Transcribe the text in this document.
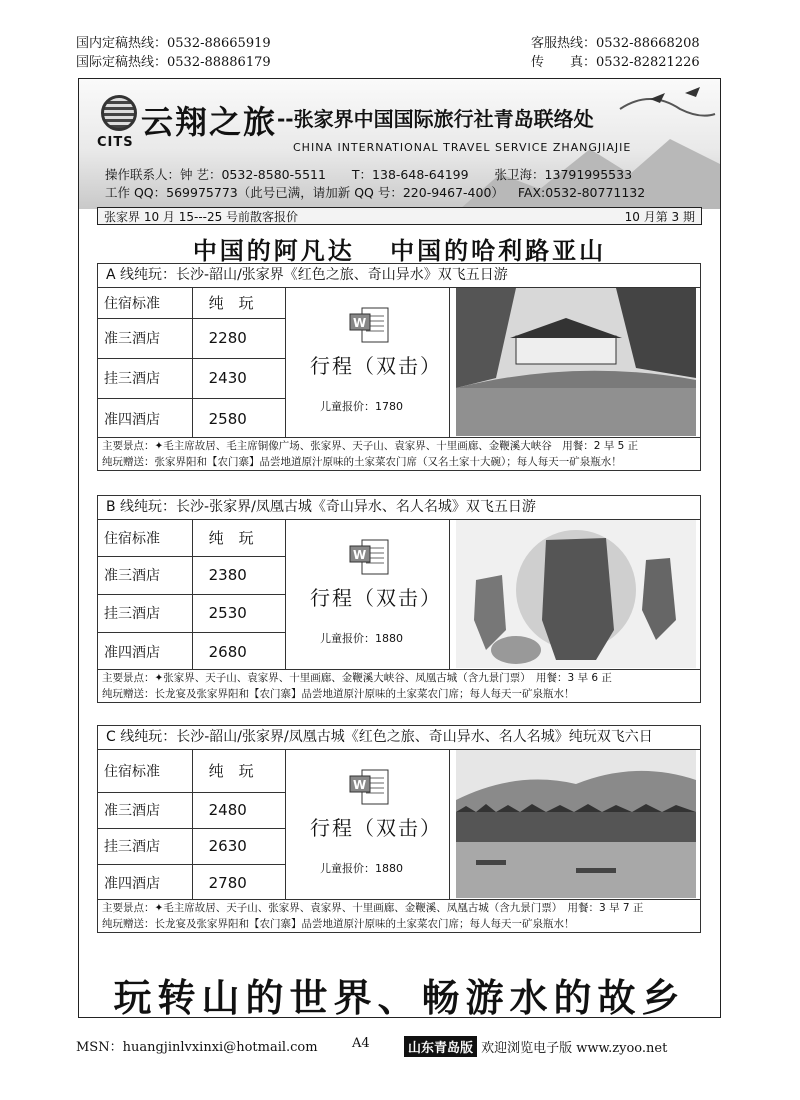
国内定稿热线：0532-88665919
国际定稿热线：0532-88886179
客服热线：0532-88668208
传　　真：0532-82821226
CITS
云翔之旅 --张家界中国国际旅行社青岛联络处
CHINA INTERNATIONAL TRAVEL SERVICE ZHANGJIAJIE
操作联系人：钟 艺：0532-8580-5511 T：138-648-64199 张卫海：13791995533
工作 QQ：569975773（此号已满，请加新 QQ 号：220-9467-400） FAX:0532-80771132
张家界 10 月 15---25 号前散客报价	10 月第 3 期
中国的阿凡达 中国的哈利路亚山
A 线纯玩：长沙-韶山/张家界《红色之旅、奇山异水》双飞五日游
住宿标准	纯　玩
准三酒店	2280
挂三酒店	2430
准四酒店	2580
W
行程（双击）
儿童报价：1780
主要景点：✦毛主席故居、毛主席铜像广场、张家界、天子山、袁家界、十里画廊、金鞭溪大峡谷　用餐：2 早 5 正
纯玩赠送：张家界阳和【农门寨】品尝地道原汁原味的土家菜农门席（又名土家十大碗）；每人每天一矿泉瓶水！
B 线纯玩：长沙-张家界/凤凰古城《奇山异水、名人名城》双飞五日游
住宿标准	纯　玩
准三酒店	2380
挂三酒店	2530
准四酒店	2680
W
行程（双击）
儿童报价：1880
主要景点：✦张家界、天子山、袁家界、十里画廊、金鞭溪大峡谷、凤凰古城（含九景门票）　用餐：3 早 6 正
纯玩赠送：长龙宴及张家界阳和【农门寨】品尝地道原汁原味的土家菜农门席；每人每天一矿泉瓶水！
C 线纯玩：长沙-韶山/张家界/凤凰古城《红色之旅、奇山异水、名人名城》纯玩双飞六日
住宿标准	纯　玩
准三酒店	2480
挂三酒店	2630
准四酒店	2780
W
行程（双击）
儿童报价：1880
主要景点：✦毛主席故居、天子山、张家界、袁家界、十里画廊、金鞭溪、凤凰古城（含九景门票）　用餐：3 早 7 正
纯玩赠送：长龙宴及张家界阳和【农门寨】品尝地道原汁原味的土家菜农门席；每人每天一矿泉瓶水！
玩转山的世界、畅游水的故乡
MSN：huangjinlvxinxi@hotmail.com	A4	山东青岛版 欢迎浏览电子版 www.zyoo.net
